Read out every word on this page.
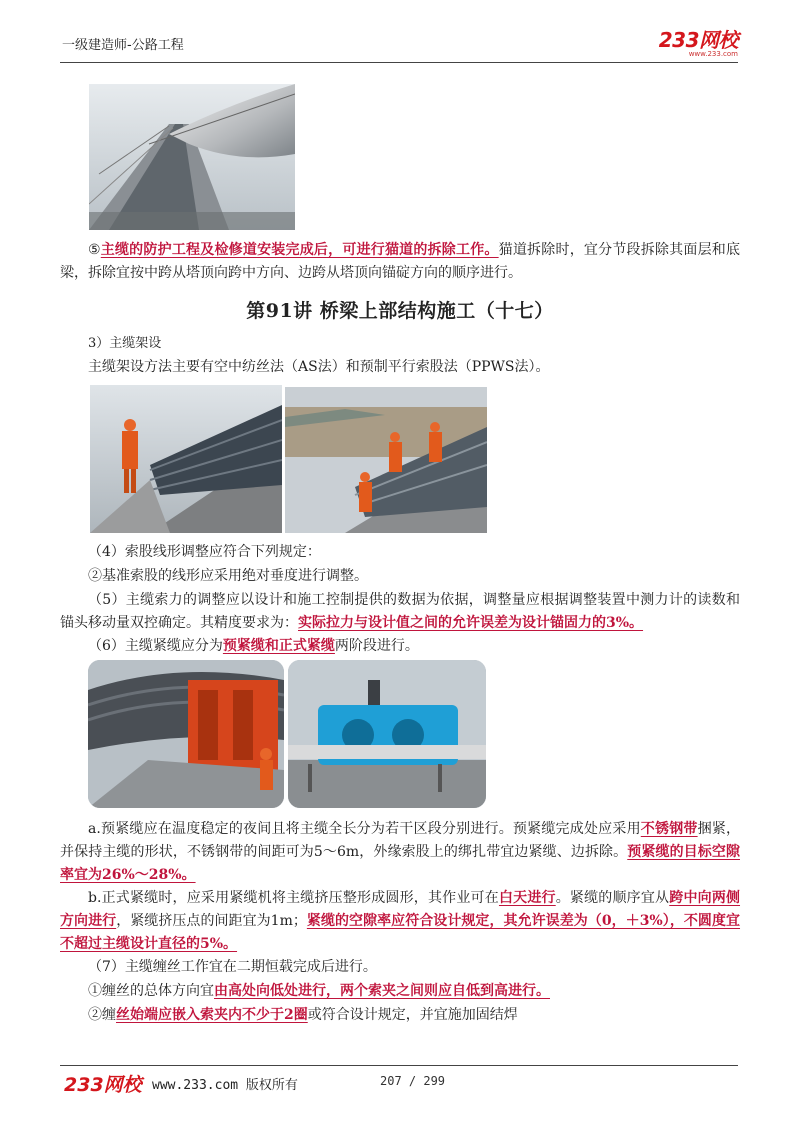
一级建造师-公路工程	233网校
www.233.com
⑤主缆的防护工程及检修道安装完成后，可进行猫道的拆除工作。猫道拆除时，宜分节段拆除其面层和底梁，拆除宜按中跨从塔顶向跨中方向、边跨从塔顶向锚碇方向的顺序进行。
第91讲 桥梁上部结构施工（十七）
3）主缆架设
主缆架设方法主要有空中纺丝法（AS法）和预制平行索股法（PPWS法）。
（4）索股线形调整应符合下列规定：
②基准索股的线形应采用绝对垂度进行调整。
（5）主缆索力的调整应以设计和施工控制提供的数据为依据，调整量应根据调整装置中测力计的读数和锚头移动量双控确定。其精度要求为：实际拉力与设计值之间的允许误差为设计锚固力的3%。
（6）主缆紧缆应分为预紧缆和正式紧缆两阶段进行。
a.预紧缆应在温度稳定的夜间且将主缆全长分为若干区段分别进行。预紧缆完成处应采用不锈钢带捆紧，并保持主缆的形状，不锈钢带的间距可为5～6m，外缘索股上的绑扎带宜边紧缆、边拆除。预紧缆的目标空隙率宜为26%～28%。
b.正式紧缆时，应采用紧缆机将主缆挤压整形成圆形，其作业可在白天进行。紧缆的顺序宜从跨中向两侧方向进行，紧缆挤压点的间距宜为1m；紧缆的空隙率应符合设计规定，其允许误差为（0，＋3%），不圆度宜不超过主缆设计直径的5%。
（7）主缆缠丝工作宜在二期恒载完成后进行。
①缠丝的总体方向宜由高处向低处进行，两个索夹之间则应自低到高进行。
②缠丝始端应嵌入索夹内不少于2圈或符合设计规定，并宜施加固结焊
233网校 www.233.com 版权所有	207 / 299
